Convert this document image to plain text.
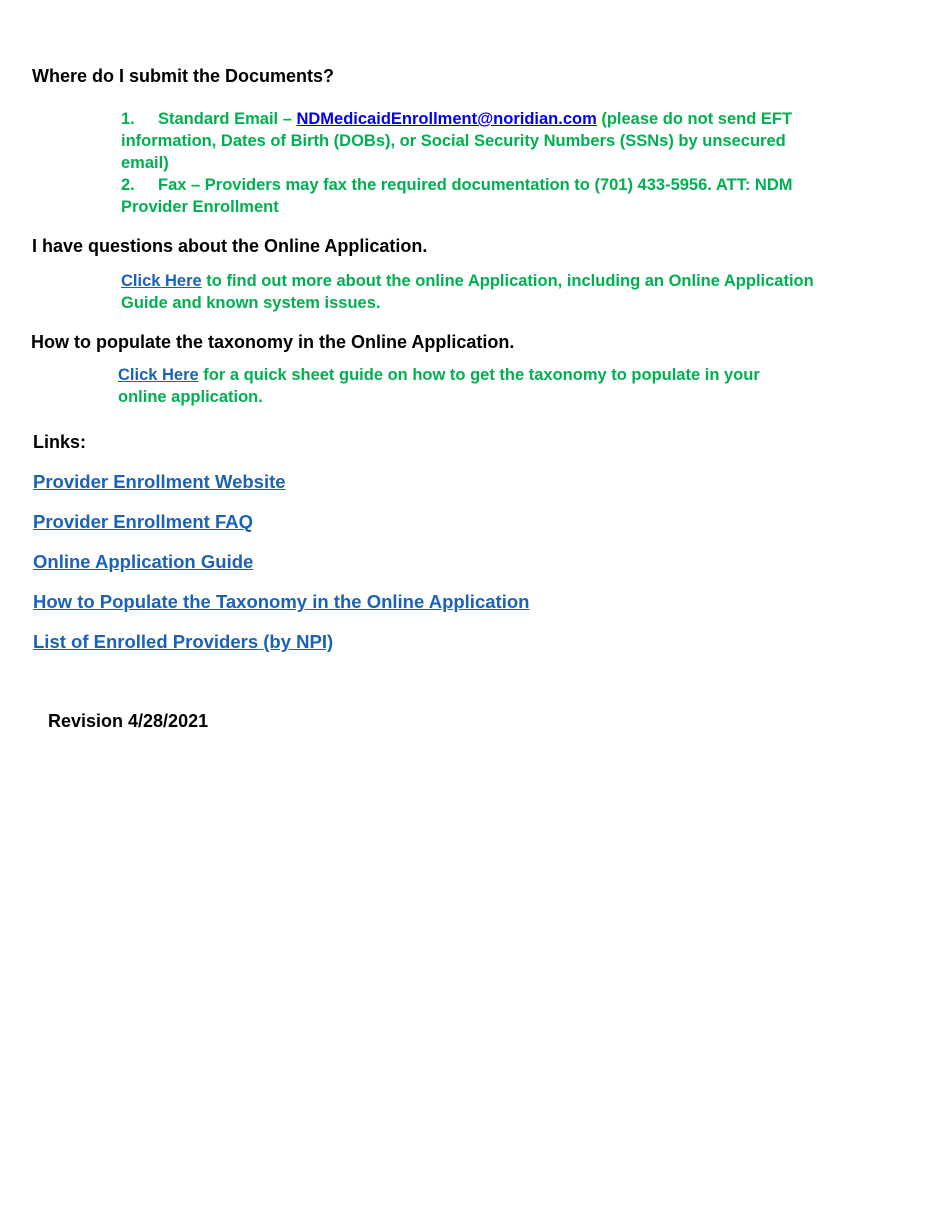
Where do I submit the Documents?
1. Standard Email – NDMedicaidEnrollment@noridian.com (please do not send EFT information, Dates of Birth (DOBs), or Social Security Numbers (SSNs) by unsecured email)
2. Fax – Providers may fax the required documentation to (701) 433-5956. ATT: NDM Provider Enrollment
I have questions about the Online Application.
Click Here to find out more about the online Application, including an Online Application Guide and known system issues.
How to populate the taxonomy in the Online Application.
Click Here for a quick sheet guide on how to get the taxonomy to populate in your online application.
Links:
Provider Enrollment Website
Provider Enrollment FAQ
Online Application Guide
How to Populate the Taxonomy in the Online Application
List of Enrolled Providers (by NPI)
Revision 4/28/2021
